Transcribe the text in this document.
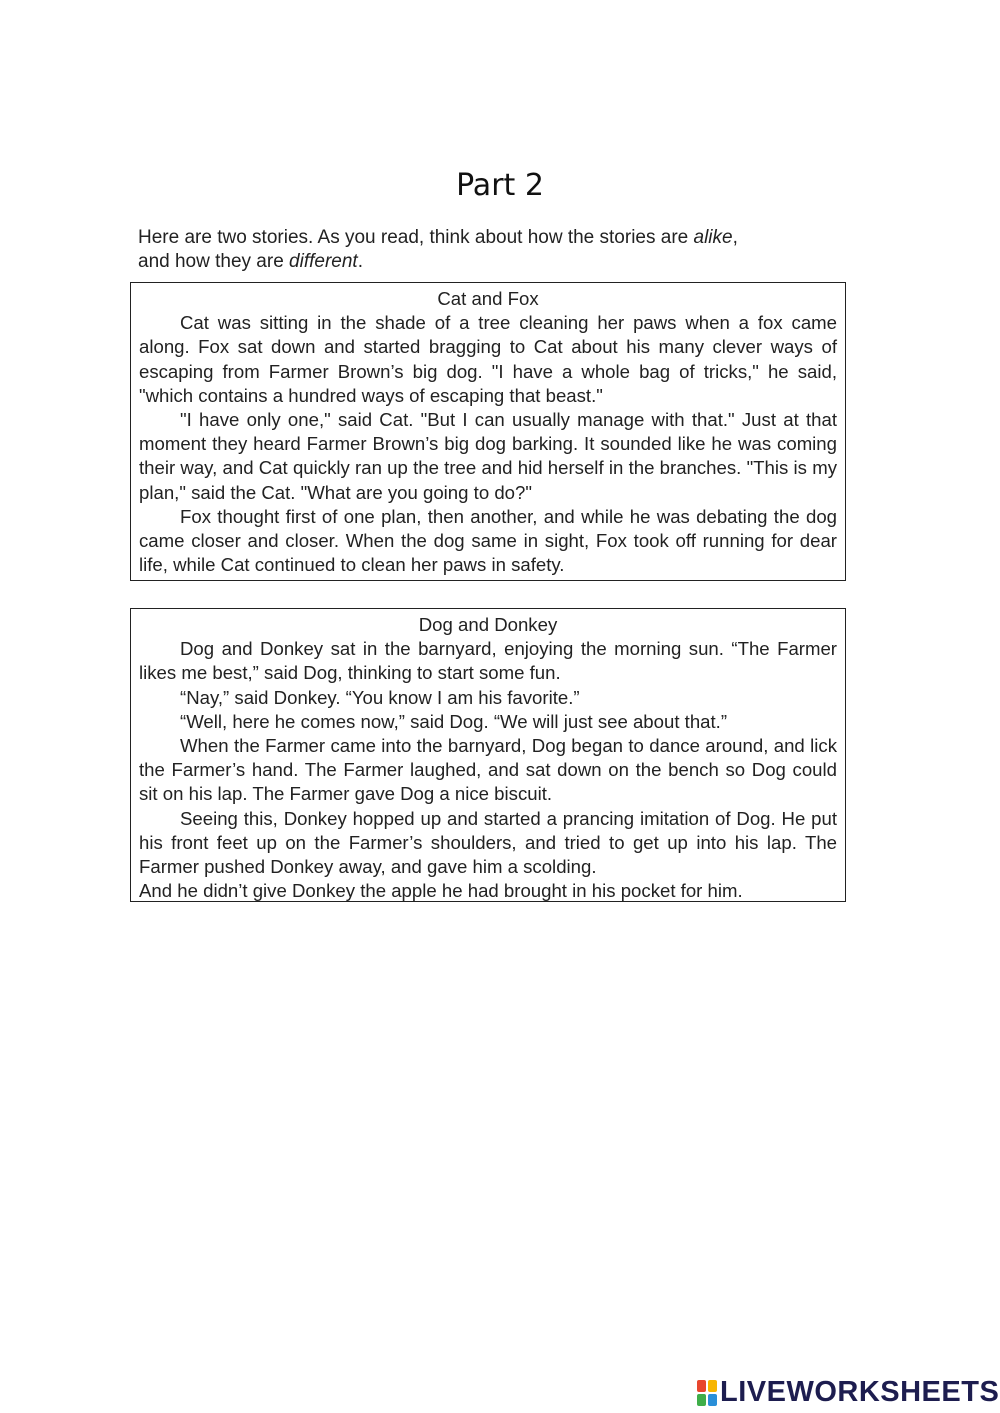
Part 2
Here are two stories. As you read, think about how the stories are alike,
and how they are different.
Cat and Fox

Cat was sitting in the shade of a tree cleaning her paws when a fox came along. Fox sat down and started bragging to Cat about his many clever ways of escaping from Farmer Brown’s big dog. "I have a whole bag of tricks," he said, "which contains a hundred ways of escaping that beast."

"I have only one," said Cat. "But I can usually manage with that." Just at that moment they heard Farmer Brown’s big dog barking. It sounded like he was coming their way, and Cat quickly ran up the tree and hid herself in the branches. "This is my plan," said the Cat. "What are you going to do?"

Fox thought first of one plan, then another, and while he was debating the dog came closer and closer. When the dog same in sight, Fox took off running for dear life, while Cat continued to clean her paws in safety.

Dog and Donkey

Dog and Donkey sat in the barnyard, enjoying the morning sun. “The Farmer likes me best,” said Dog, thinking to start some fun.

“Nay,” said Donkey. “You know I am his favorite.”

“Well, here he comes now,” said Dog. “We will just see about that.”

When the Farmer came into the barnyard, Dog began to dance around, and lick the Farmer’s hand. The Farmer laughed, and sat down on the bench so Dog could sit on his lap. The Farmer gave Dog a nice biscuit.

Seeing this, Donkey hopped up and started a prancing imitation of Dog. He put his front feet up on the Farmer’s shoulders, and tried to get up into his lap. The Farmer pushed Donkey away, and gave him a scolding.

And he didn’t give Donkey the apple he had brought in his pocket for him.

LIVEWORKSHEETS
